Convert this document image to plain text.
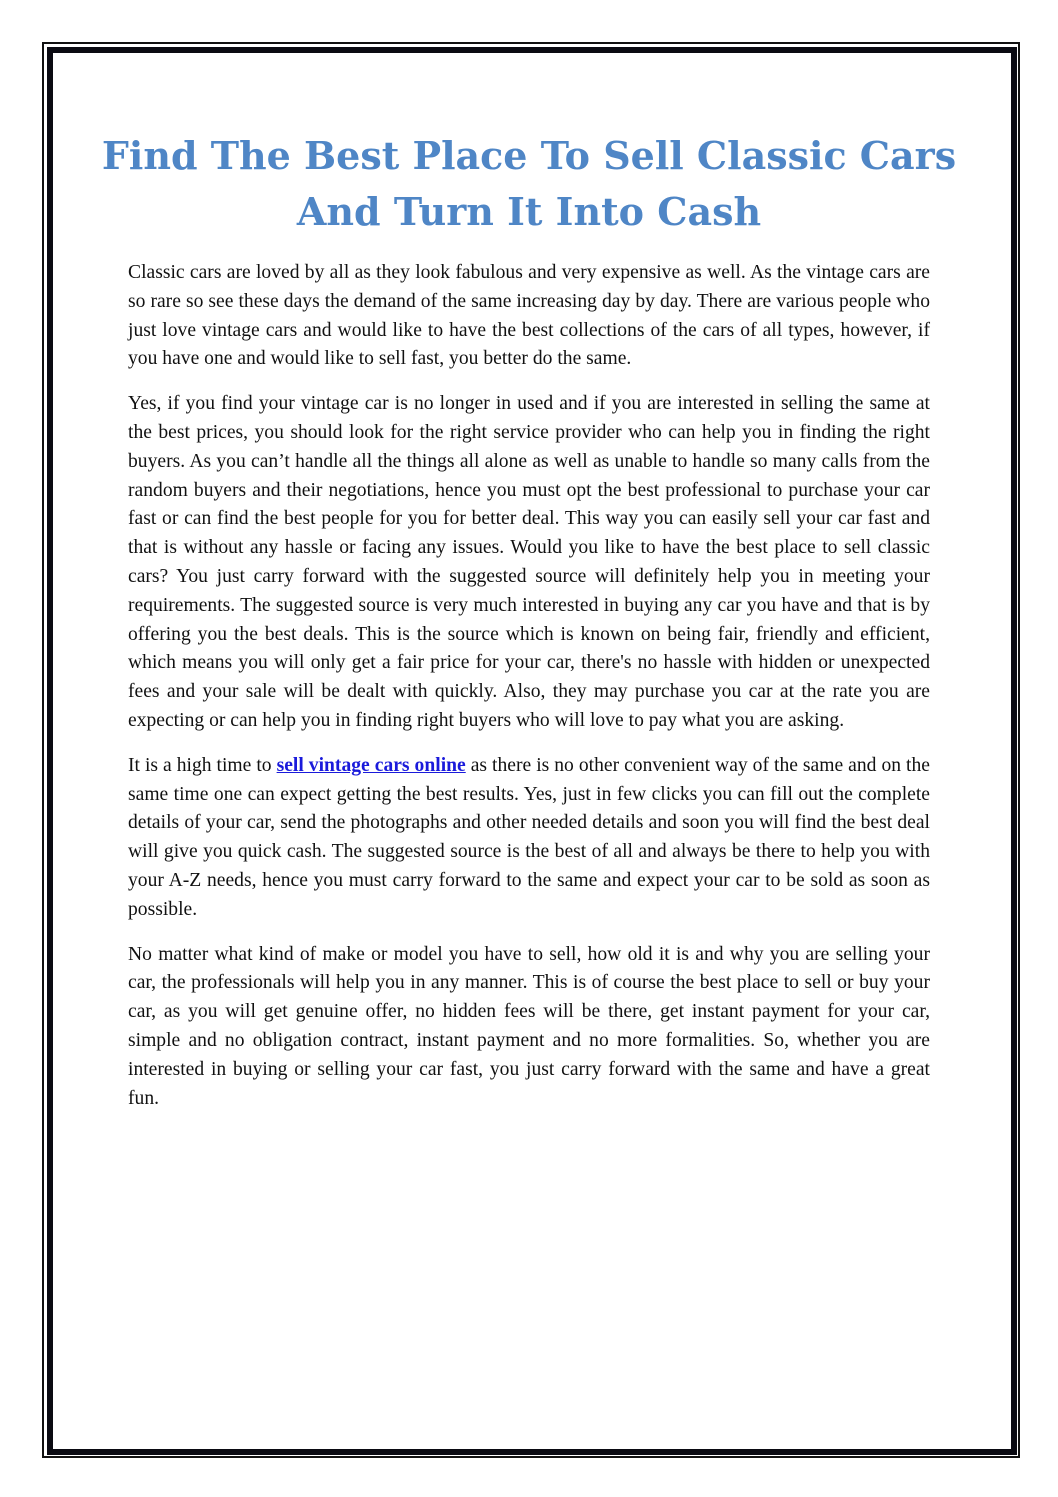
Find The Best Place To Sell Classic Cars And Turn It Into Cash

Classic cars are loved by all as they look fabulous and very expensive as well. As the vintage cars are so rare so see these days the demand of the same increasing day by day. There are various people who just love vintage cars and would like to have the best collections of the cars of all types, however, if you have one and would like to sell fast, you better do the same.

Yes, if you find your vintage car is no longer in used and if you are interested in selling the same at the best prices, you should look for the right service provider who can help you in finding the right buyers. As you can’t handle all the things all alone as well as unable to handle so many calls from the random buyers and their negotiations, hence you must opt the best professional to purchase your car fast or can find the best people for you for better deal. This way you can easily sell your car fast and that is without any hassle or facing any issues. Would you like to have the best place to sell classic cars? You just carry forward with the suggested source will definitely help you in meeting your requirements. The suggested source is very much interested in buying any car you have and that is by offering you the best deals. This is the source which is known on being fair, friendly and efficient, which means you will only get a fair price for your car, there's no hassle with hidden or unexpected fees and your sale will be dealt with quickly. Also, they may purchase you car at the rate you are expecting or can help you in finding right buyers who will love to pay what you are asking.

It is a high time to sell vintage cars online as there is no other convenient way of the same and on the same time one can expect getting the best results. Yes, just in few clicks you can fill out the complete details of your car, send the photographs and other needed details and soon you will find the best deal will give you quick cash. The suggested source is the best of all and always be there to help you with your A-Z needs, hence you must carry forward to the same and expect your car to be sold as soon as possible.

No matter what kind of make or model you have to sell, how old it is and why you are selling your car, the professionals will help you in any manner. This is of course the best place to sell or buy your car, as you will get genuine offer, no hidden fees will be there, get instant payment for your car, simple and no obligation contract, instant payment and no more formalities. So, whether you are interested in buying or selling your car fast, you just carry forward with the same and have a great fun.
